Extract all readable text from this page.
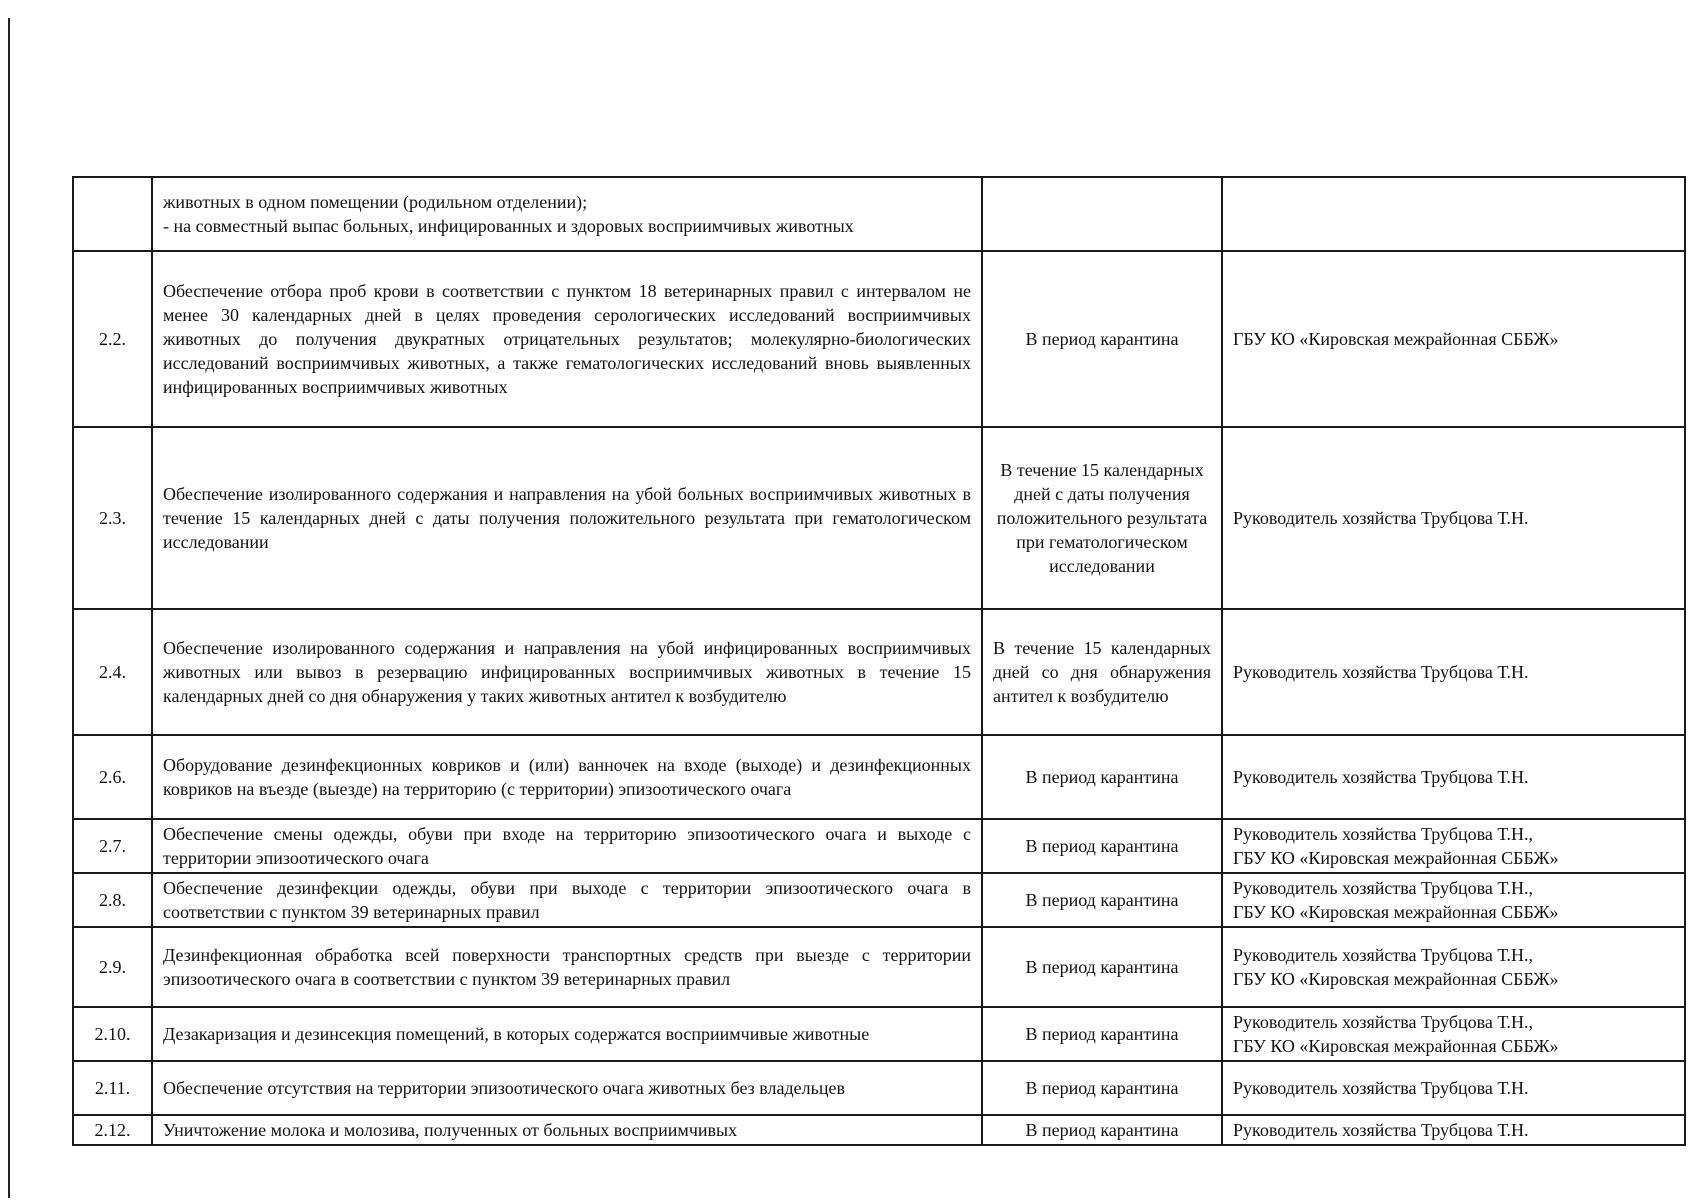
	животных в одном помещении (родильном отделении);
- на совместный выпас больных, инфицированных и здоровых восприимчивых животных		

2.2.	Обеспечение отбора проб крови в соответствии с пунктом 18 ветеринарных правил с интервалом не менее 30 календарных дней в целях проведения серологических исследований восприимчивых животных до получения двукратных отрицательных результатов; молекулярно-биологических исследований восприимчивых животных, а также гематологических исследований вновь выявленных инфицированных восприимчивых животных	В период карантина	ГБУ КО «Кировская межрайонная СББЖ»
2.3.	Обеспечение изолированного содержания и направления на убой больных восприимчивых животных в течение 15 календарных дней с даты получения положительного результата при гематологическом исследовании	В течение 15 календарных дней с даты получения положительного результата при гематологическом исследовании	Руководитель хозяйства Трубцова Т.Н.
2.4.	Обеспечение изолированного содержания и направления на убой инфицированных восприимчивых животных или вывоз в резервацию инфицированных восприимчивых животных в течение 15 календарных дней со дня обнаружения у таких животных антител к возбудителю	В течение 15 календарных дней со дня обнаружения антител к возбудителю	Руководитель хозяйства Трубцова Т.Н.
2.6.	Оборудование дезинфекционных ковриков и (или) ванночек на входе (выходе) и дезинфекционных ковриков на въезде (выезде) на территорию (с территории) эпизоотического очага	В период карантина	Руководитель хозяйства Трубцова Т.Н.
2.7.	Обеспечение смены одежды, обуви при входе на территорию эпизоотического очага и выходе с территории эпизоотического очага	В период карантина	Руководитель хозяйства Трубцова Т.Н.,
ГБУ КО «Кировская межрайонная СББЖ»

2.8.	Обеспечение дезинфекции одежды, обуви при выходе с территории эпизоотического очага в соответствии с пунктом 39 ветеринарных правил	В период карантина	Руководитель хозяйства Трубцова Т.Н.,
ГБУ КО «Кировская межрайонная СББЖ»

2.9.	Дезинфекционная обработка всей поверхности транспортных средств при выезде с территории эпизоотического очага в соответствии с пунктом 39 ветеринарных правил	В период карантина	Руководитель хозяйства Трубцова Т.Н.,
ГБУ КО «Кировская межрайонная СББЖ»

2.10.	Дезакаризация и дезинсекция помещений, в которых содержатся восприимчивые животные	В период карантина	Руководитель хозяйства Трубцова Т.Н.,
ГБУ КО «Кировская межрайонная СББЖ»

2.11.	Обеспечение отсутствия на территории эпизоотического очага животных без владельцев	В период карантина	Руководитель хозяйства Трубцова Т.Н.
2.12.	Уничтожение молока и молозива, полученных от больных восприимчивых	В период карантина	Руководитель хозяйства Трубцова Т.Н.
